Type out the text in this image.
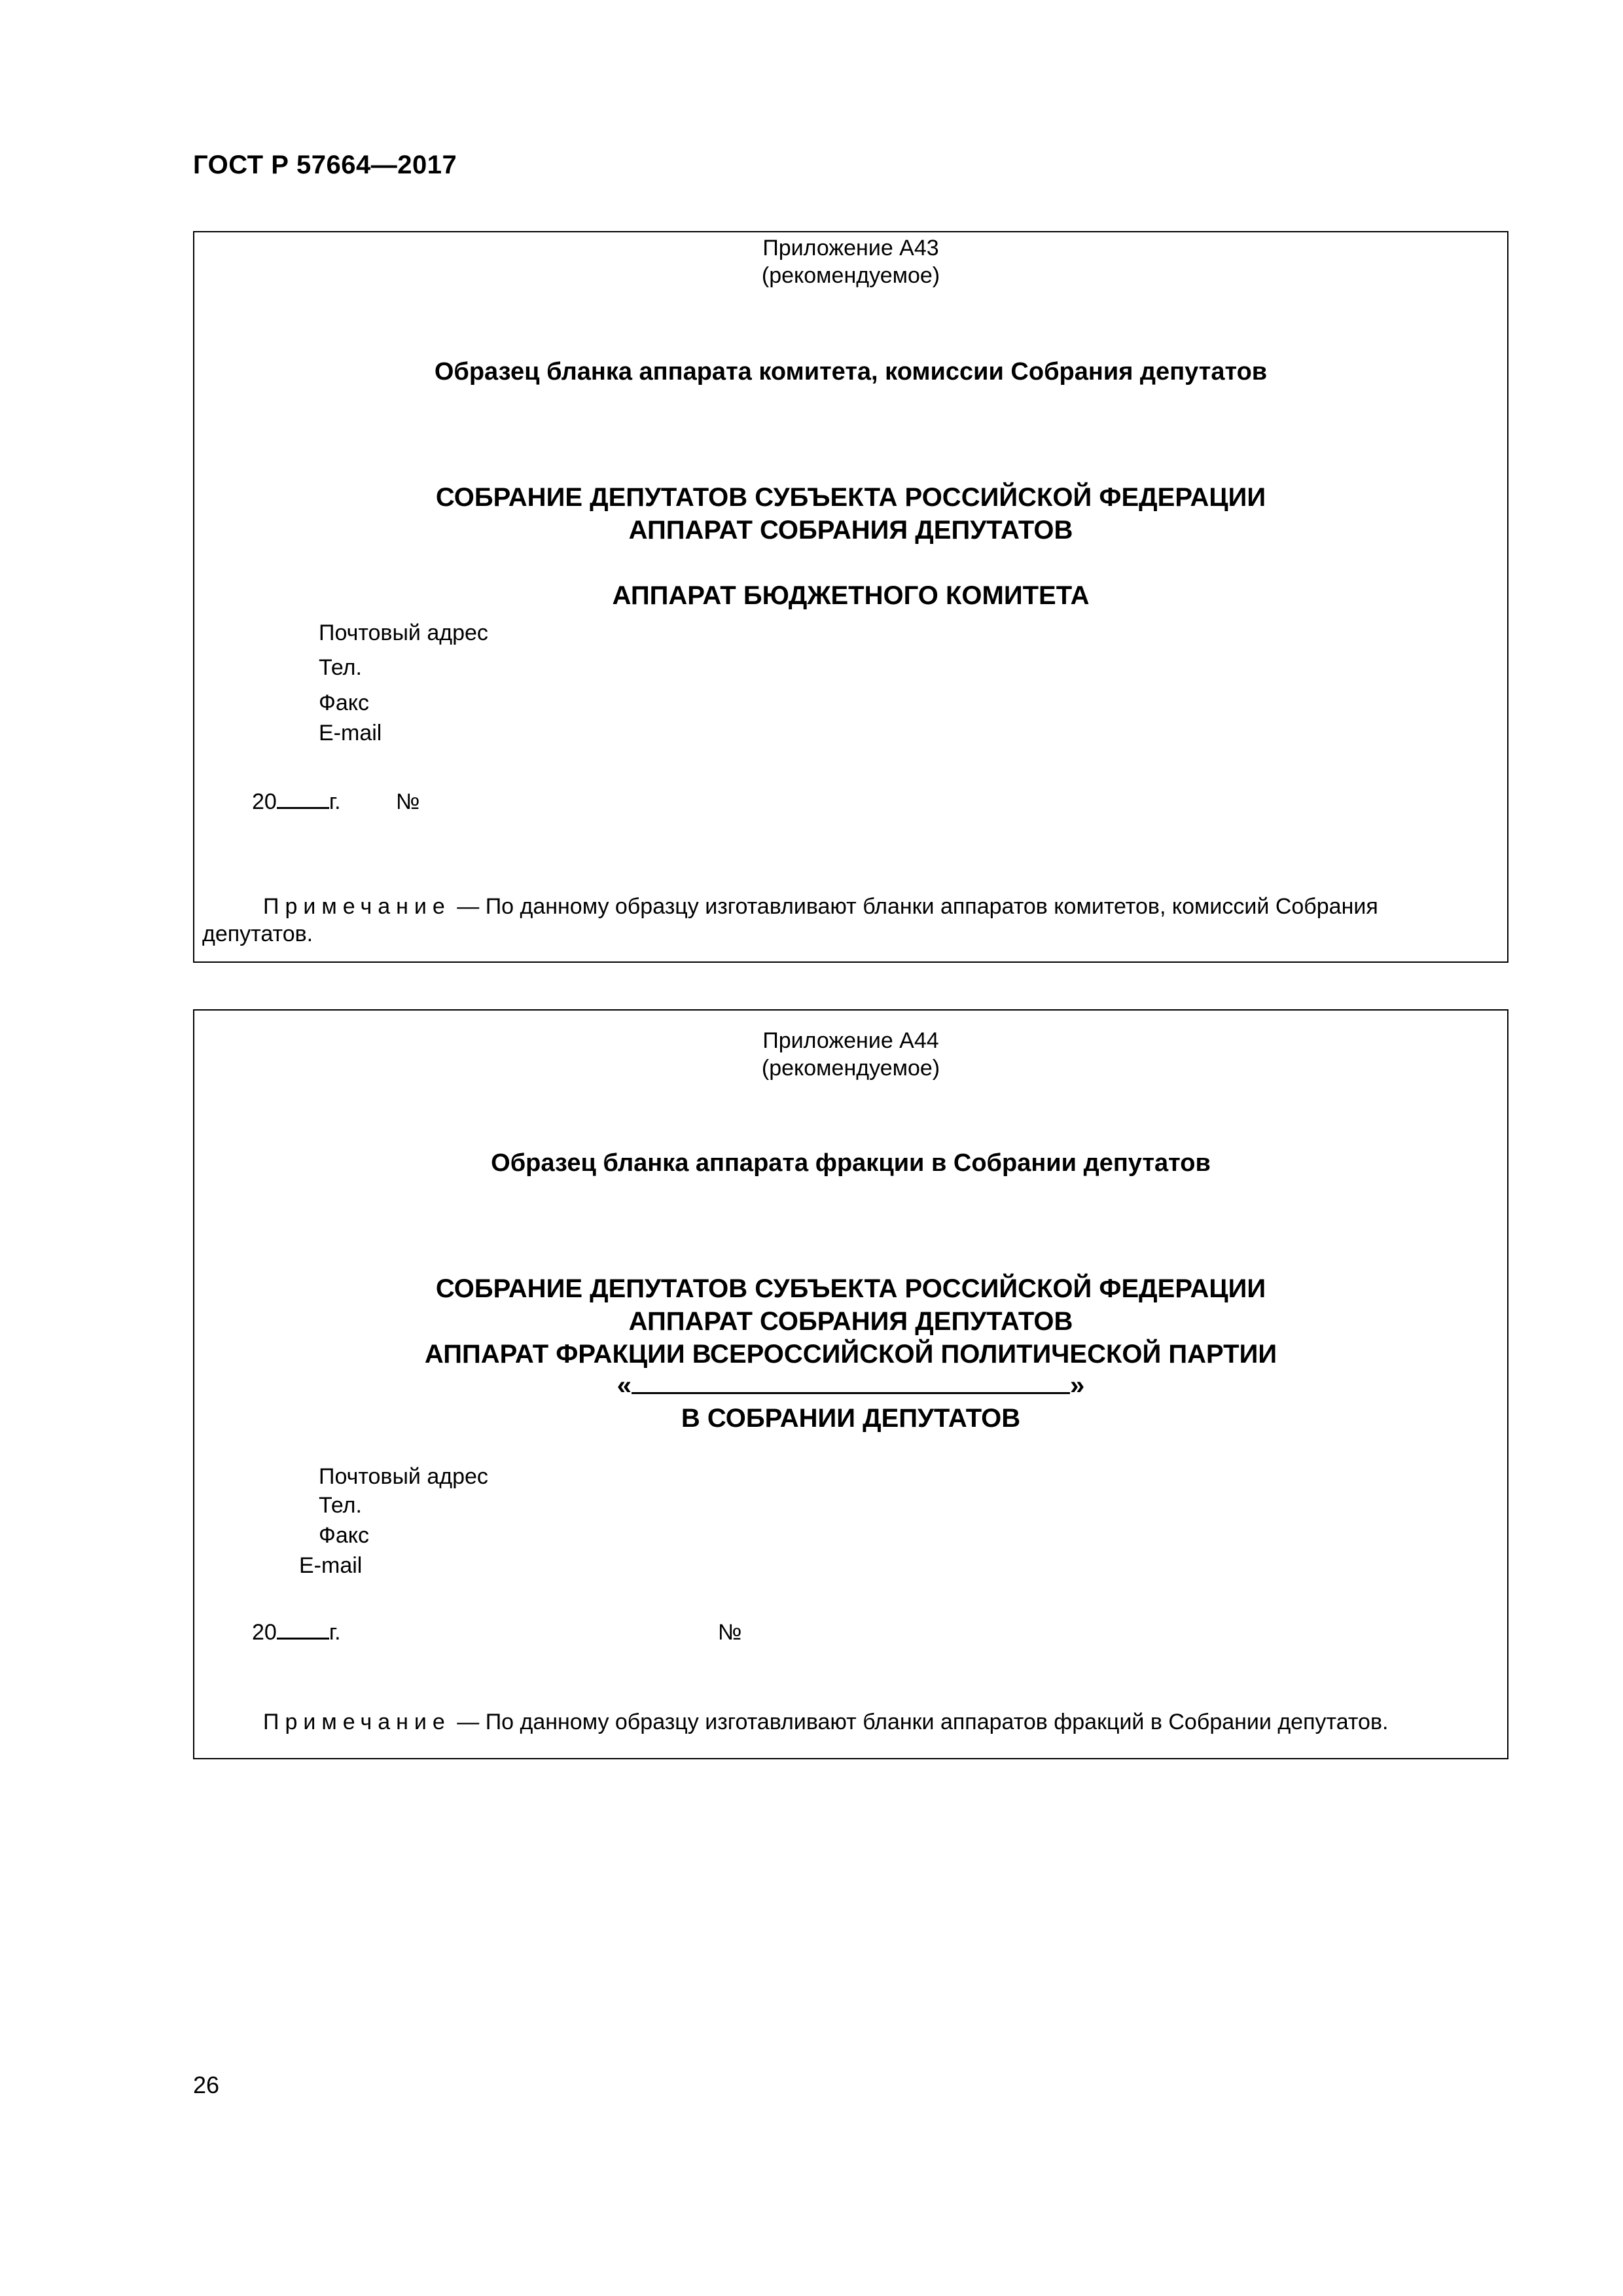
ГОСТ Р 57664—2017
Приложение А43
(рекомендуемое)
Образец бланка аппарата комитета, комиссии Собрания депутатов
СОБРАНИЕ ДЕПУТАТОВ СУБЪЕКТА РОССИЙСКОЙ ФЕДЕРАЦИИ
АППАРАТ СОБРАНИЯ ДЕПУТАТОВ
АППАРАТ БЮДЖЕТНОГО КОМИТЕТА
Почтовый адрес
Тел.
Факс
E-mail
20 г. №
Примечание — По данному образцу изготавливают бланки аппаратов комитетов, комиссий Собрания
депутатов.
Приложение А44
(рекомендуемое)
Образец бланка аппарата фракции в Собрании депутатов
СОБРАНИЕ ДЕПУТАТОВ СУБЪЕКТА РОССИЙСКОЙ ФЕДЕРАЦИИ
АППАРАТ СОБРАНИЯ ДЕПУТАТОВ
АППАРАТ ФРАКЦИИ ВСЕРОССИЙСКОЙ ПОЛИТИЧЕСКОЙ ПАРТИИ
«	»
В СОБРАНИИ ДЕПУТАТОВ
Почтовый адрес
Тел.
Факс
E-mail
20 г.	№
Примечание — По данному образцу изготавливают бланки аппаратов фракций в Собрании депутатов.
26
